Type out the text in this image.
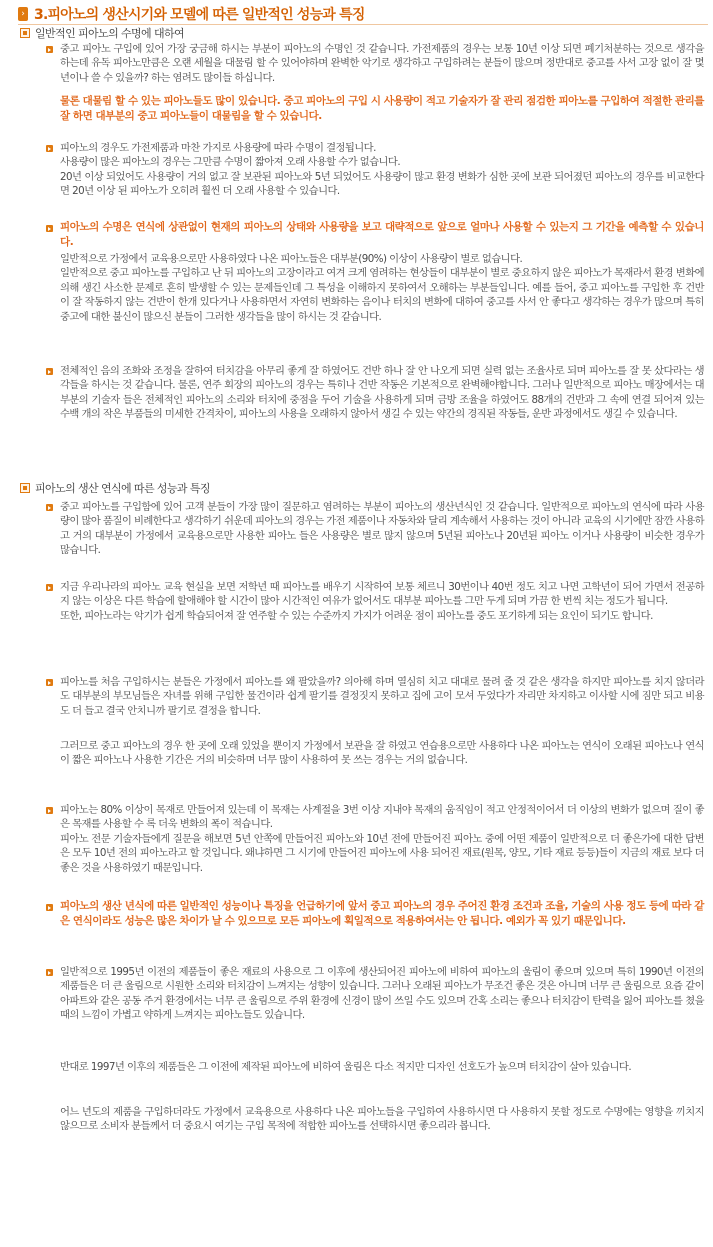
› 3.피아노의 생산시기와 모델에 따른 일반적인 성능과 특징
일반적인 피아노의 수명에 대하여
중고 피아노 구입에 있어 가장 궁금해 하시는 부분이 피아노의 수명인 것 같습니다. 가전제품의 경우는 보통 10년 이상 되면 폐기처분하는 것으로 생각을 하는데 유독 피아노만큼은 오랜 세월을 대물림 할 수 있어야하며 완벽한 악기로 생각하고 구입하려는 분들이 많으며 정반대로 중고를 사서 고장 없이 잘 몇 년이나 쓸 수 있을까? 하는 염려도 많이들 하십니다.
물론 대물림 할 수 있는 피아노들도 많이 있습니다. 중고 피아노의 구입 시 사용량이 적고 기술자가 잘 관리 점검한 피아노를 구입하여 적절한 관리를 잘 하면 대부분의 중고 피아노들이 대물림을 할 수 있습니다.
피아노의 경우도 가전제품과 마찬 가지로 사용량에 따라 수명이 결정됩니다.
사용량이 많은 피아노의 경우는 그만큼 수명이 짧아져 오래 사용할 수가 없습니다.
20년 이상 되었어도 사용량이 거의 없고 잘 보관된 피아노와 5년 되었어도 사용량이 많고 환경 변화가 심한 곳에 보관 되어졌던 피아노의 경우를 비교한다면 20년 이상 된 피아노가 오히려 훨씬 더 오래 사용할 수 있습니다.
피아노의 수명은 연식에 상관없이 현재의 피아노의 상태와 사용량을 보고 대략적으로 앞으로 얼마나 사용할 수 있는지 그 기간을 예측할 수 있습니다.
일반적으로 가정에서 교육용으로만 사용하였다 나온 피아노들은 대부분(90%) 이상이 사용량이 별로 없습니다.
일반적으로 중고 피아노를 구입하고 난 뒤 피아노의 고장이라고 여겨 크게 염려하는 현상들이 대부분이 별로 중요하지 않은 피아노가 목재라서 환경 변화에 의해 생긴 사소한 문제로 흔히 발생할 수 있는 문제들인데 그 특성을 이해하지 못하여서 오해하는 부분들입니다. 예를 들어, 중고 피아노를 구입한 후 건반이 잘 작동하지 않는 건반이 한개 있다거나 사용하면서 자연히 변화하는 음이나 터치의 변화에 대하여 중고를 사서 안 좋다고 생각하는 경우가 많으며 특히 중고에 대한 불신이 많으신 분들이 그러한 생각들을 많이 하시는 것 같습니다.
전체적인 음의 조화와 조정을 잘하여 터치감을 아무리 좋게 잘 하였어도 건반 하나 잘 안 나오게 되면 실력 없는 조율사로 되며 피아노를 잘 못 샀다라는 생각들을 하시는 것 같습니다. 물론, 연주 회장의 피아노의 경우는 특히나 건반 작동은 기본적으로 완벽해야합니다. 그러나 일반적으로 피아노 매장에서는 대부분의 기술자 들은 전체적인 피아노의 소리와 터치에 중점을 두어 기술을 사용하게 되며 금방 조율을 하였어도 88개의 건반과 그 속에 연결 되어져 있는 수백 개의 작은 부품들의 미세한 간격차이, 피아노의 사용을 오래하지 않아서 생길 수 있는 약간의 경직된 작동들, 운반 과정에서도 생길 수 있습니다.
피아노의 생산 연식에 따른 성능과 특징
중고 피아노를 구입함에 있어 고객 분들이 가장 많이 질문하고 염려하는 부분이 피아노의 생산년식인 것 같습니다. 일반적으로 피아노의 연식에 따라 사용량이 많아 품질이 비례한다고 생각하기 쉬운데 피아노의 경우는 가전 제품이나 자동차와 달리 계속해서 사용하는 것이 아니라 교육의 시기에만 잠깐 사용하고 거의 대부분이 가정에서 교육용으로만 사용한 피아노 들은 사용량은 별로 많지 않으며 5년된 피아노나 20년된 피아노 이거나 사용량이 비슷한 경우가 많습니다.
지금 우리나라의 피아노 교육 현실을 보면 저학년 때 피아노를 배우기 시작하여 보통 체르니 30번이나 40번 정도 치고 나면 고학년이 되어 가면서 전공하지 않는 이상은 다른 학습에 할애해야 할 시간이 많아 시간적인 여유가 없어서도 대부분 피아노를 그만 두게 되며 가끔 한 번씩 치는 정도가 됩니다.
또한, 피아노라는 악기가 쉽게 학습되어져 잘 연주할 수 있는 수준까지 가지가 어려운 점이 피아노를 중도 포기하게 되는 요인이 되기도 합니다.
피아노를 처음 구입하시는 분들은 가정에서 피아노를 왜 팔았을까? 의아해 하며 열심히 치고 대대로 물려 줄 것 같은 생각을 하지만 피아노를 치지 않더라도 대부분의 부모님들은 자녀를 위해 구입한 물건이라 쉽게 팔기를 결정짓지 못하고 집에 고이 모셔 두었다가 자리만 차지하고 이사할 시에 짐만 되고 비용도 더 들고 결국 안치니까 팔기로 결정을 합니다.
그러므로 중고 피아노의 경우 한 곳에 오래 있었을 뿐이지 가정에서 보관을 잘 하였고 연습용으로만 사용하다 나온 피아노는 연식이 오래된 피아노나 연식이 짧은 피아노나 사용한 기간은 거의 비슷하며 너무 많이 사용하여 못 쓰는 경우는 거의 없습니다.
피아노는 80% 이상이 목재로 만들어져 있는데 이 목재는 사계절을 3번 이상 지내야 목재의 움직임이 적고 안정적이어서 더 이상의 변화가 없으며 질이 좋은 목재를 사용할 수 록 더욱 변화의 폭이 적습니다.
피아노 전문 기술자들에게 질문을 해보면 5년 안쪽에 만들어진 피아노와 10년 전에 만들어진 피아노 중에 어떤 제품이 일반적으로 더 좋은가에 대한 답변은 모두 10년 전의 피아노라고 할 것입니다. 왜냐하면 그 시기에 만들어진 피아노에 사용 되어진 재료(원목, 양모, 기타 재료 등등)들이 지금의 재료 보다 더 좋은 것을 사용하였기 때문입니다.
피아노의 생산 년식에 따른 일반적인 성능이나 특징을 언급하기에 앞서 중고 피아노의 경우 주어진 환경 조건과 조율, 기술의 사용 정도 등에 따라 같은 연식이라도 성능은 많은 차이가 날 수 있으므로 모든 피아노에 획일적으로 적용하여서는 안 됩니다. 예외가 꼭 있기 때문입니다.
일반적으로 1995년 이전의 제품들이 좋은 재료의 사용으로 그 이후에 생산되어진 피아노에 비하여 피아노의 울림이 좋으며 있으며 특히 1990년 이전의 제품들은 더 큰 울림으로 시원한 소리와 터치감이 느껴지는 성향이 있습니다. 그러나 오래된 피아노가 무조건 좋은 것은 아니며 너무 큰 울림으로 요즘 같이 아파트와 같은 공동 주거 환경에서는 너무 큰 울림으로 주위 환경에 신경이 많이 쓰일 수도 있으며 간혹 소리는 좋으나 터치감이 탄력을 잃어 피아노를 쳤을 때의 느낌이 가볍고 약하게 느껴지는 피아노들도 있습니다.
반대로 1997년 이후의 제품들은 그 이전에 제작된 피아노에 비하여 울림은 다소 적지만 디자인 선호도가 높으며 터치감이 살아 있습니다.
어느 년도의 제품을 구입하더라도 가정에서 교육용으로 사용하다 나온 피아노들을 구입하여 사용하시면 다 사용하지 못할 정도로 수명에는 영향을 끼치지 않으므로 소비자 분들께서 더 중요시 여기는 구입 목적에 적합한 피아노를 선택하시면 좋으리라 봅니다.
